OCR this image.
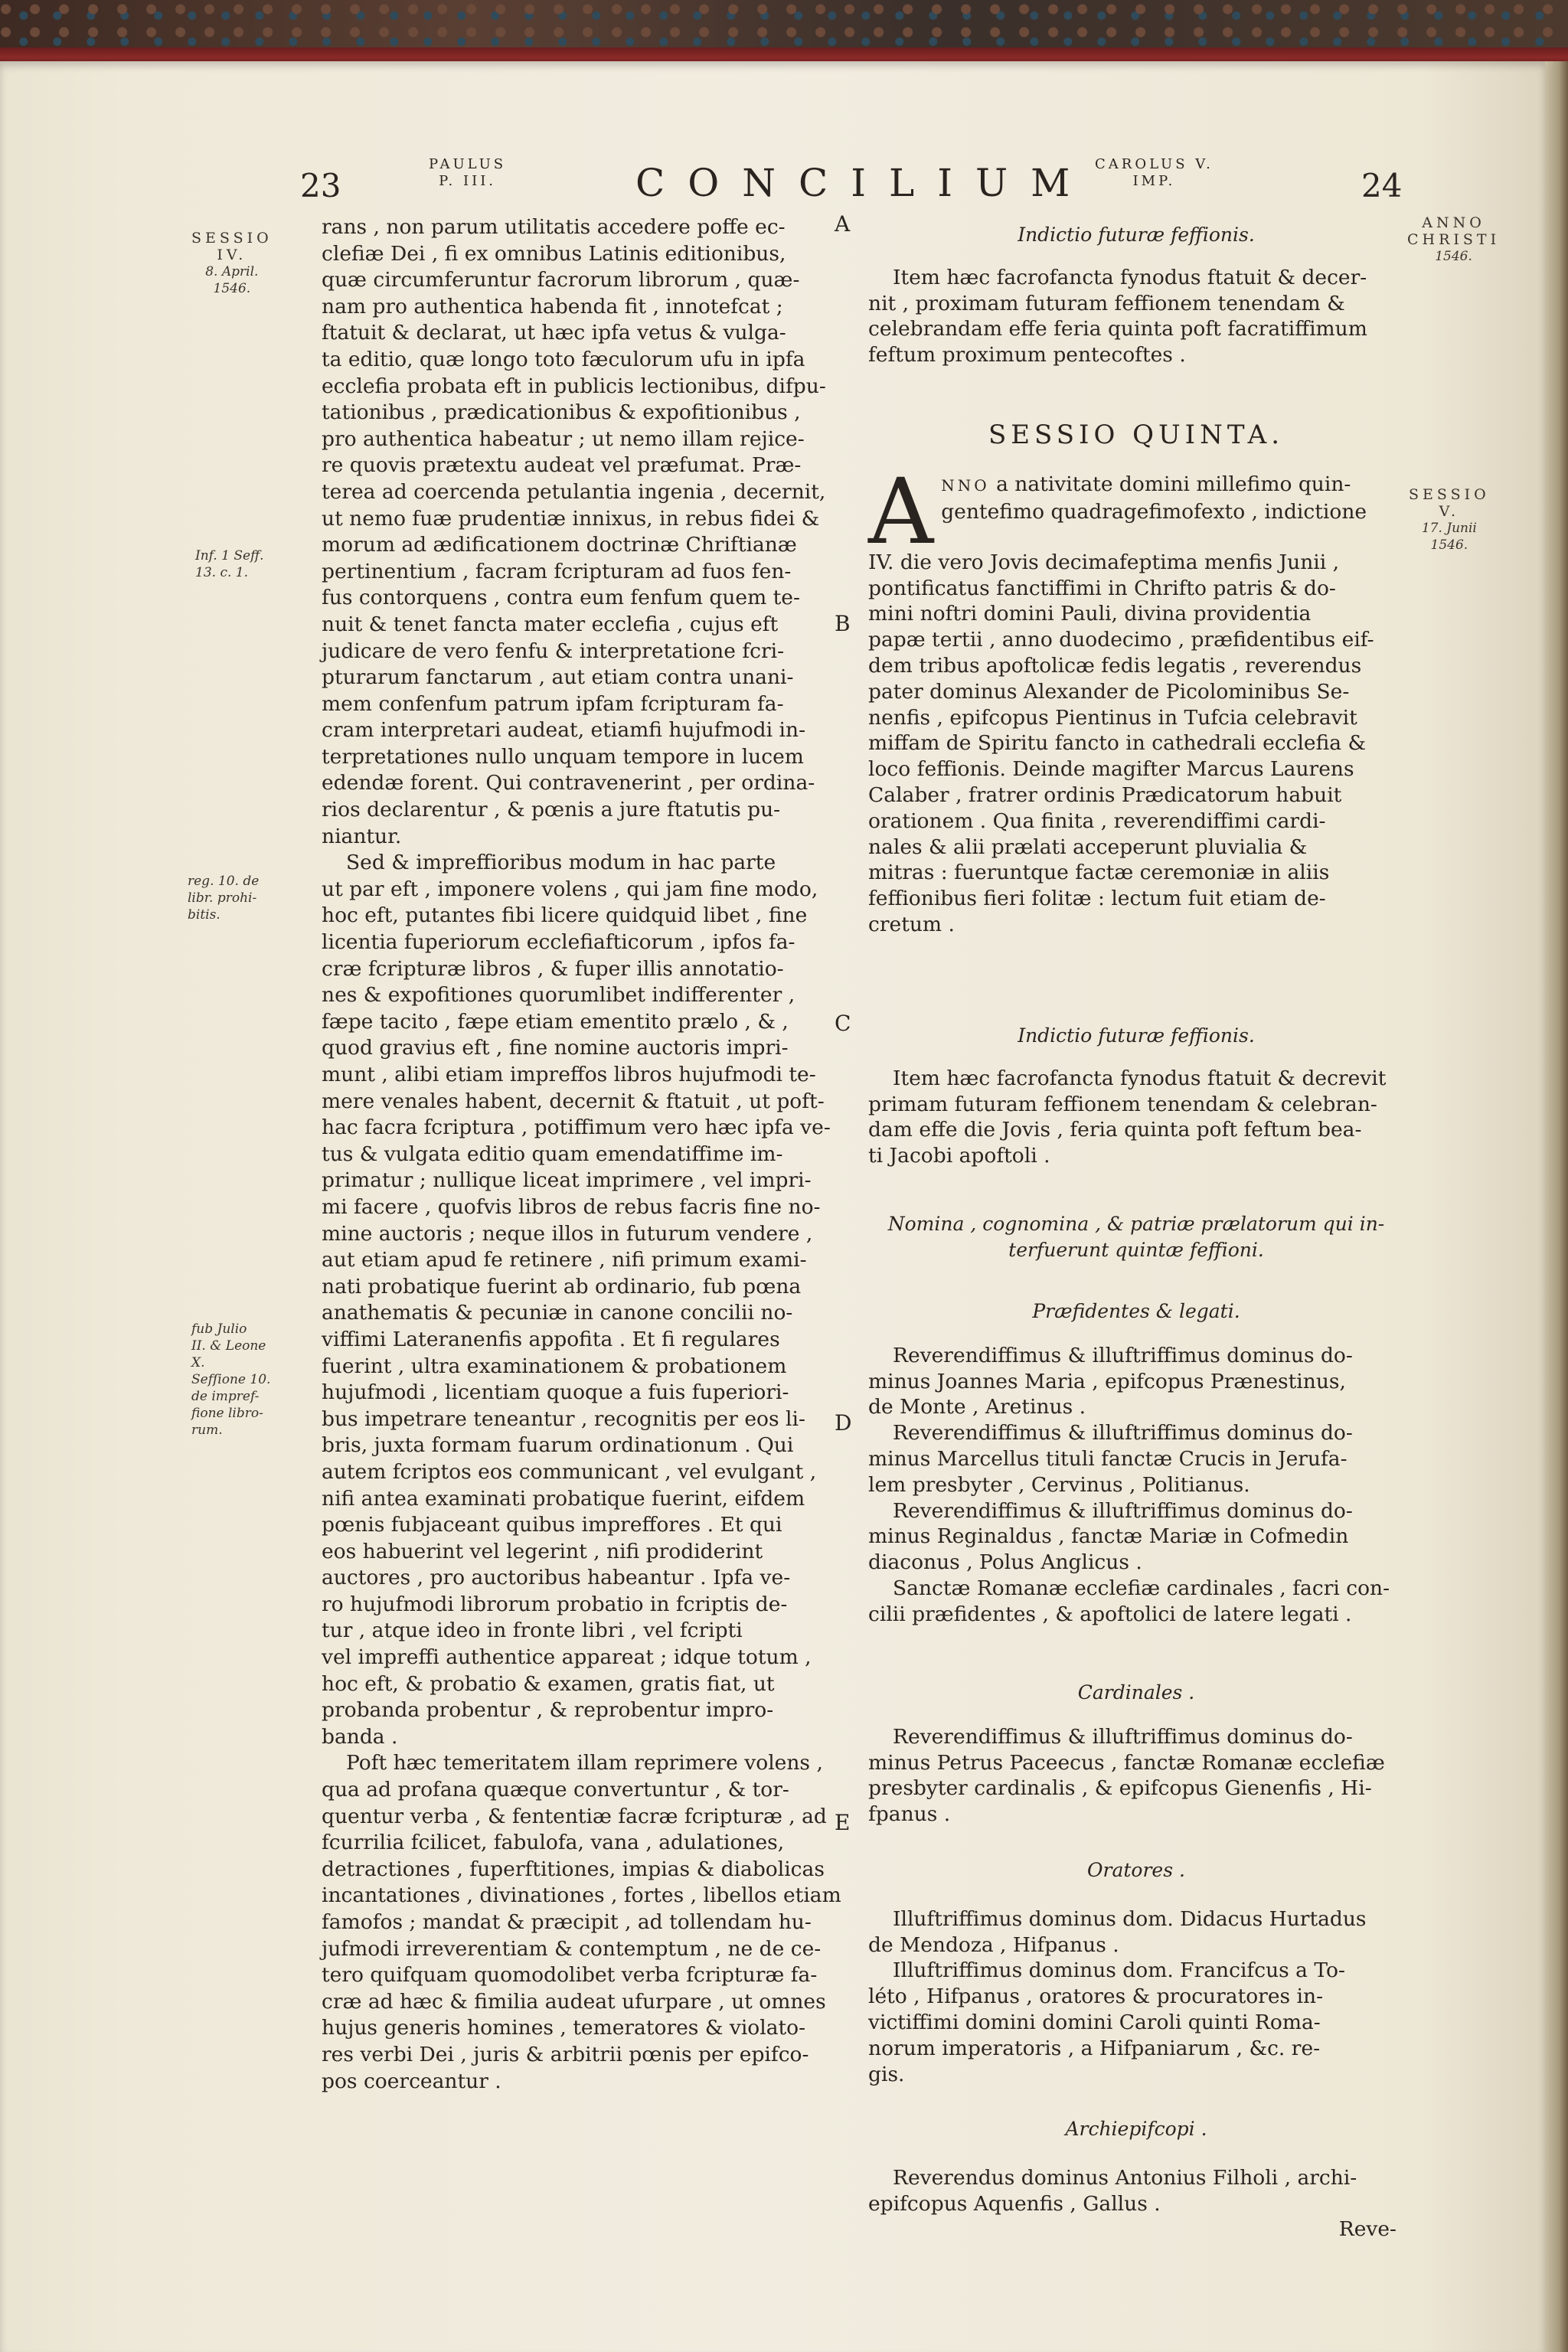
23
PAULUS
P. III.	CONCILIUM CAROLUS V.
IMP.	24
SESSIO
IV.
8. April.
1546.
Inf. 1 Seff.
13. c. 1.
reg. 10. de
libr. prohi-
bitis.
fub Julio
II. & Leone
X.
Sefſione 10.
de impref-
fione libro-
rum.
ANNO
CHRISTI
1546.
SESSIO
V.
17. Junii
1546.
A
B
C
D
E
rans , non parum utilitatis accedere poffe ec-
clefiæ Dei , fi ex omnibus Latinis editionibus,
quæ circumferuntur facrorum librorum , quæ-
nam pro authentica habenda fit , innotefcat ;
ftatuit & declarat, ut hæc ipfa vetus & vulga-
ta editio, quæ longo toto fæculorum ufu in ipfa
ecclefia probata eft in publicis lectionibus, difpu-
tationibus , prædicationibus & expofitionibus ,
pro authentica habeatur ; ut nemo illam rejice-
re quovis prætextu audeat vel præfumat. Præ-
terea ad coercenda petulantia ingenia , decernit,
ut nemo fuæ prudentiæ innixus, in rebus fidei &
morum ad ædificationem doctrinæ Chriftianæ
pertinentium , facram fcripturam ad fuos fen-
fus contorquens , contra eum fenfum quem te-
nuit & tenet fancta mater ecclefia , cujus eft
judicare de vero fenfu & interpretatione fcri-
pturarum fanctarum , aut etiam contra unani-
mem confenfum patrum ipfam fcripturam fa-
cram interpretari audeat, etiamfi hujufmodi in-
terpretationes nullo unquam tempore in lucem
edendæ forent. Qui contravenerint , per ordina-
rios declarentur , & pœnis a jure ftatutis pu-
niantur.
Sed & impreffioribus modum in hac parte
ut par eft , imponere volens , qui jam fine modo,
hoc eft, putantes fibi licere quidquid libet , fine
licentia fuperiorum ecclefiafticorum , ipfos fa-
cræ fcripturæ libros , & fuper illis annotatio-
nes & expofitiones quorumlibet indifferenter ,
fæpe tacito , fæpe etiam ementito prælo , & ,
quod gravius eft , fine nomine auctoris impri-
munt , alibi etiam impreffos libros hujufmodi te-
mere venales habent, decernit & ftatuit , ut poft-
hac facra fcriptura , potiffimum vero hæc ipfa ve-
tus & vulgata editio quam emendatiffime im-
primatur ; nullique liceat imprimere , vel impri-
mi facere , quofvis libros de rebus facris fine no-
mine auctoris ; neque illos in futurum vendere ,
aut etiam apud fe retinere , nifi primum exami-
nati probatique fuerint ab ordinario, fub pœna
anathematis & pecuniæ in canone concilii no-
viffimi Lateranenfis appofita . Et fi regulares
fuerint , ultra examinationem & probationem
hujufmodi , licentiam quoque a fuis fuperiori-
bus impetrare teneantur , recognitis per eos li-
bris, juxta formam fuarum ordinationum . Qui
autem fcriptos eos communicant , vel evulgant ,
nifi antea examinati probatique fuerint, eifdem
pœnis fubjaceant quibus impreffores . Et qui
eos habuerint vel legerint , nifi prodiderint
auctores , pro auctoribus habeantur . Ipfa ve-
ro hujufmodi librorum probatio in fcriptis de-
tur , atque ideo in fronte libri , vel fcripti
vel impreffi authentice appareat ; idque totum ,
hoc eft, & probatio & examen, gratis fiat, ut
probanda probentur , & reprobentur impro-
banda .
Poft hæc temeritatem illam reprimere volens ,
qua ad profana quæque convertuntur , & tor-
quentur verba , & fententiæ facræ fcripturæ , ad
fcurrilia fcilicet, fabulofa, vana , adulationes,
detractiones , fuperftitiones, impias & diabolicas
incantationes , divinationes , fortes , libellos etiam
famofos ; mandat & præcipit , ad tollendam hu-
jufmodi irreverentiam & contemptum , ne de ce-
tero quifquam quomodolibet verba fcripturæ fa-
cræ ad hæc & fimilia audeat ufurpare , ut omnes
hujus generis homines , temeratores & violato-
res verbi Dei , juris & arbitrii pœnis per epifco-
pos coerceantur .
Indictio futuræ feffionis.
Item hæc facrofancta fynodus ftatuit & decer-
nit , proximam futuram feffionem tenendam &
celebrandam effe feria quinta poft facratiffimum
feftum proximum pentecoftes .
SESSIO QUINTA.
A NNO a nativitate domini millefimo quin-
gentefimo quadragefimofexto , indictione
IV. die vero Jovis decimafeptima menfis Junii ,
pontificatus fanctiffimi in Chrifto patris & do-
mini noftri domini Pauli, divina providentia
papæ tertii , anno duodecimo , præfidentibus eif-
dem tribus apoftolicæ fedis legatis , reverendus
pater dominus Alexander de Picolominibus Se-
nenfis , epifcopus Pientinus in Tufcia celebravit
miffam de Spiritu fancto in cathedrali ecclefia &
loco feffionis. Deinde magifter Marcus Laurens
Calaber , fratrer ordinis Prædicatorum habuit
orationem . Qua finita , reverendiffimi cardi-
nales & alii prælati acceperunt pluvialia &
mitras : fueruntque factæ ceremoniæ in aliis
feffionibus fieri folitæ : lectum fuit etiam de-
cretum .
Indictio futuræ feffionis.
Item hæc facrofancta fynodus ftatuit & decrevit
primam futuram feffionem tenendam & celebran-
dam effe die Jovis , feria quinta poft feftum bea-
ti Jacobi apoftoli .
Nomina , cognomina , & patriæ prælatorum qui in-
terfuerunt quintæ feffioni.
Præfidentes & legati.
Reverendiffimus & illuftriffimus dominus do-
minus Joannes Maria , epifcopus Prænestinus,
de Monte , Aretinus .
Reverendiffimus & illuftriffimus dominus do-
minus Marcellus tituli fanctæ Crucis in Jerufa-
lem presbyter , Cervinus , Politianus.
Reverendiffimus & illuftriffimus dominus do-
minus Reginaldus , fanctæ Mariæ in Cofmedin
diaconus , Polus Anglicus .
Sanctæ Romanæ ecclefiæ cardinales , facri con-
cilii præfidentes , & apoftolici de latere legati .
Cardinales .
Reverendiffimus & illuftriffimus dominus do-
minus Petrus Paceecus , fanctæ Romanæ ecclefiæ
presbyter cardinalis , & epifcopus Gienenfis , Hi-
fpanus .
Oratores .
Illuftriffimus dominus dom. Didacus Hurtadus
de Mendoza , Hifpanus .
Illuftriffimus dominus dom. Francifcus a To-
léto , Hifpanus , oratores & procuratores in-
victiffimi domini domini Caroli quinti Roma-
norum imperatoris , a Hifpaniarum , &c. re-
gis.
Archiepifcopi .
Reverendus dominus Antonius Filholi , archi-
epifcopus Aquenfis , Gallus .
Reve-
